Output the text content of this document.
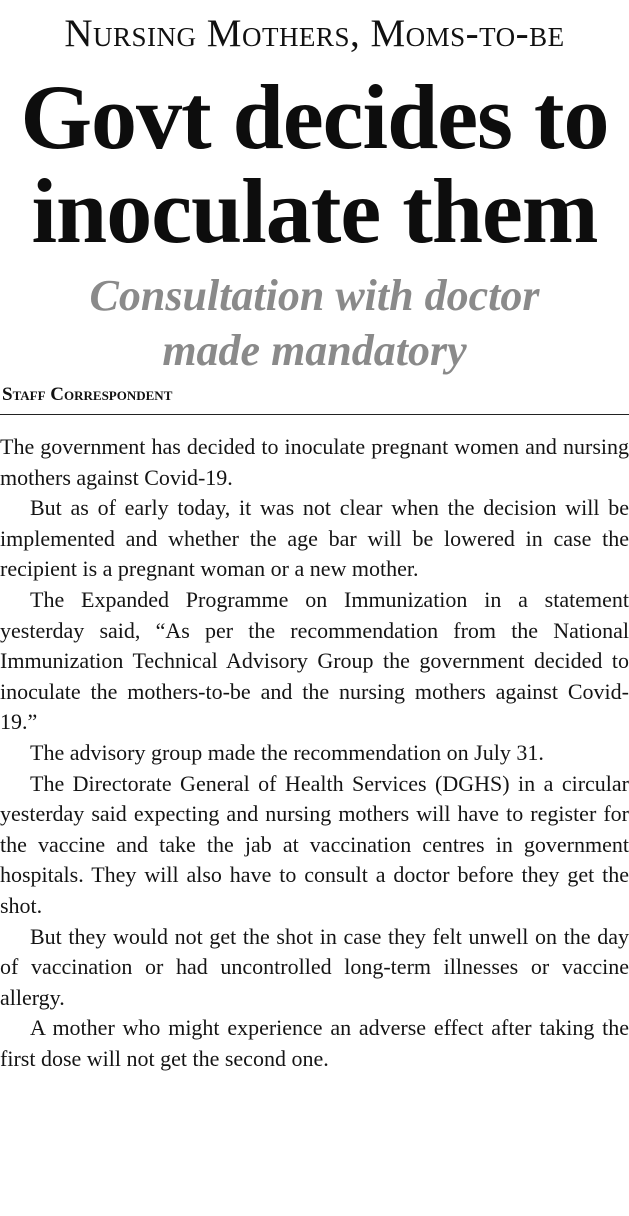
Nursing Mothers, Moms-to-be
Govt decides to
inoculate them
Consultation with doctor
made mandatory
Staff Correspondent

The government has decided to inoculate pregnant women and nursing mothers against Covid-19.

But as of early today, it was not clear when the decision will be implemented and whether the age bar will be lowered in case the recipient is a pregnant woman or a new mother.

The Expanded Programme on Immunization in a statement yesterday said, “As per the recommendation from the National Immunization Technical Advisory Group the government decided to inoculate the mothers-to-be and the nursing mothers against Covid-19.”

The advisory group made the recommendation on July 31.

The Directorate General of Health Services (DGHS) in a circular yesterday said expecting and nursing mothers will have to register for the vaccine and take the jab at vaccination centres in government hospitals. They will also have to consult a doctor before they get the shot.

But they would not get the shot in case they felt unwell on the day of vaccination or had uncontrolled long-term illnesses or vaccine allergy.

A mother who might experience an adverse effect after taking the first dose will not get the second one.
